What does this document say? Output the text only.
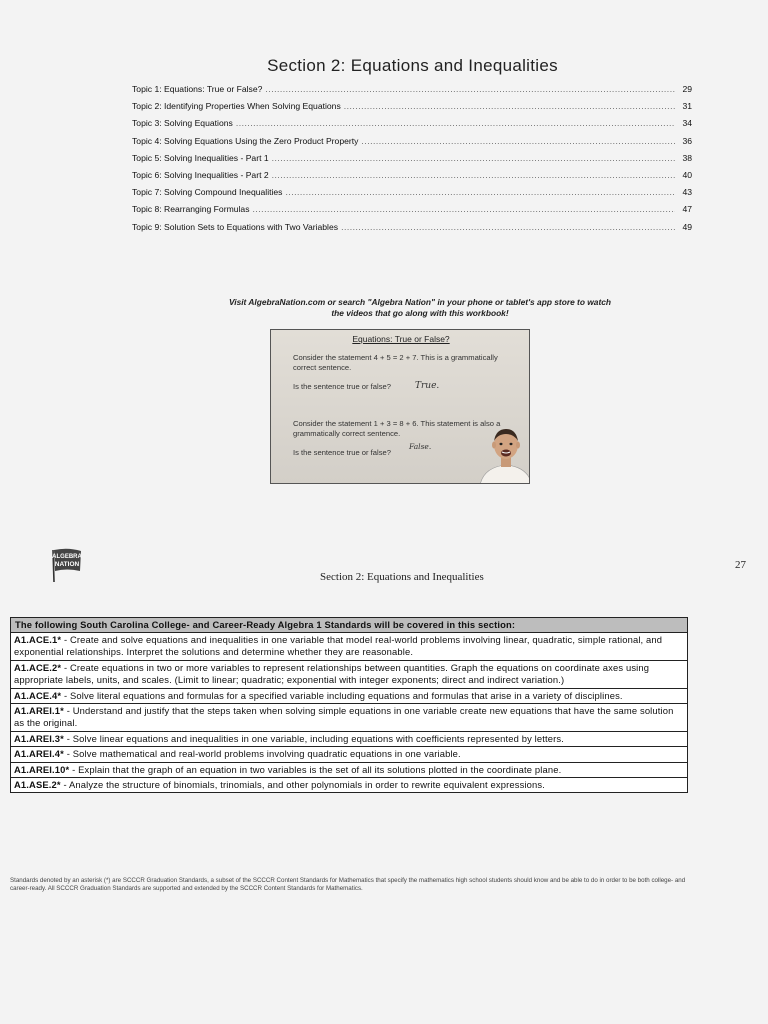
Section 2: Equations and Inequalities
Topic 1: Equations: True or False? .....	29
Topic 2: Identifying Properties When Solving Equations .....	31
Topic 3: Solving Equations .....	34
Topic 4: Solving Equations Using the Zero Product Property .....	36
Topic 5: Solving Inequalities - Part 1 .....	38
Topic 6: Solving Inequalities - Part 2 .....	40
Topic 7: Solving Compound Inequalities .....	43
Topic 8: Rearranging Formulas .....	47
Topic 9: Solution Sets to Equations with Two Variables .....	49
Visit AlgebraNation.com or search "Algebra Nation" in your phone or tablet's app store to watch
the videos that go along with this workbook!
Equations: True or False?
Consider the statement 4 + 5 = 2 + 7. This is a grammatically
correct sentence.
Is the sentence true or false?	True.
Consider the statement 1 + 3 = 8 + 6. This statement is also a
grammatically correct sentence.
Is the sentence true or false?
False.
ALGEBRA
NATION	27
Section 2: Equations and Inequalities
The following South Carolina College- and Career-Ready Algebra 1 Standards will be covered in this section:
A1.ACE.1* - Create and solve equations and inequalities in one variable that model real-world problems involving linear, quadratic, simple rational, and exponential relationships. Interpret the solutions and determine whether they are reasonable.
A1.ACE.2* - Create equations in two or more variables to represent relationships between quantities. Graph the equations on coordinate axes using appropriate labels, units, and scales. (Limit to linear; quadratic; exponential with integer exponents; direct and indirect variation.)
A1.ACE.4* - Solve literal equations and formulas for a specified variable including equations and formulas that arise in a variety of disciplines.
A1.AREI.1* - Understand and justify that the steps taken when solving simple equations in one variable create new equations that have the same solution as the original.
A1.AREI.3* - Solve linear equations and inequalities in one variable, including equations with coefficients represented by letters.
A1.AREI.4* - Solve mathematical and real-world problems involving quadratic equations in one variable.
A1.AREI.10* - Explain that the graph of an equation in two variables is the set of all its solutions plotted in the coordinate plane.
A1.ASE.2* - Analyze the structure of binomials, trinomials, and other polynomials in order to rewrite equivalent expressions.
Standards denoted by an asterisk (*) are SCCCR Graduation Standards, a subset of the SCCCR Content Standards for Mathematics that specify the mathematics high school students should know and be able to do in order to be both college- and career-ready. All SCCCR Graduation Standards are supported and extended by the SCCCR Content Standards for Mathematics.
